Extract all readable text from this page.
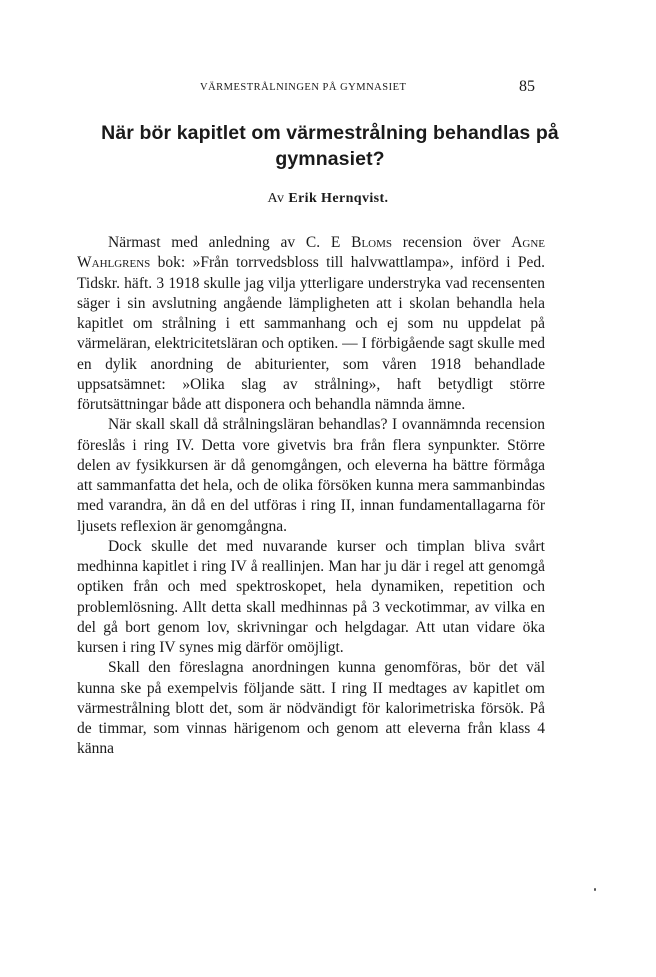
VÄRMESTRÅLNINGEN PÅ GYMNASIET	85
När bör kapitlet om värmestrålning behandlas på gymnasiet?
Av Erik Hernqvist.

Närmast med anledning av C. E Bloms recension över Agne Wahlgrens bok: »Från torrvedsbloss till halvwattlampa», införd i Ped. Tidskr. häft. 3 1918 skulle jag vilja ytterligare understryka vad recensenten säger i sin avslutning angående lämpligheten att i skolan behandla hela kapitlet om strålning i ett sammanhang och ej som nu uppdelat på värmeläran, elektricitetsläran och optiken. — I förbigående sagt skulle med en dylik anordning de abiturienter, som våren 1918 behandlade uppsatsämnet: »Olika slag av strålning», haft betydligt större förutsättningar både att disponera och behandla nämnda ämne.

När skall skall då strålningsläran behandlas? I ovannämnda recension föreslås i ring IV. Detta vore givetvis bra från flera synpunkter. Större delen av fysikkursen är då genomgången, och eleverna ha bättre förmåga att sammanfatta det hela, och de olika försöken kunna mera sammanbindas med varandra, än då en del utföras i ring II, innan fundamentallagarna för ljusets reflexion är genomgångna.

Dock skulle det med nuvarande kurser och timplan bliva svårt medhinna kapitlet i ring IV å reallinjen. Man har ju där i regel att genomgå optiken från och med spektroskopet, hela dynamiken, repetition och problemlösning. Allt detta skall medhinnas på 3 veckotimmar, av vilka en del gå bort genom lov, skrivningar och helgdagar. Att utan vidare öka kursen i ring IV synes mig därför omöjligt.

Skall den föreslagna anordningen kunna genomföras, bör det väl kunna ske på exempelvis följande sätt. I ring II medtages av kapitlet om värmestrålning blott det, som är nödvändigt för kalorimetriska försök. På de timmar, som vinnas härigenom och genom att eleverna från klass 4 känna
